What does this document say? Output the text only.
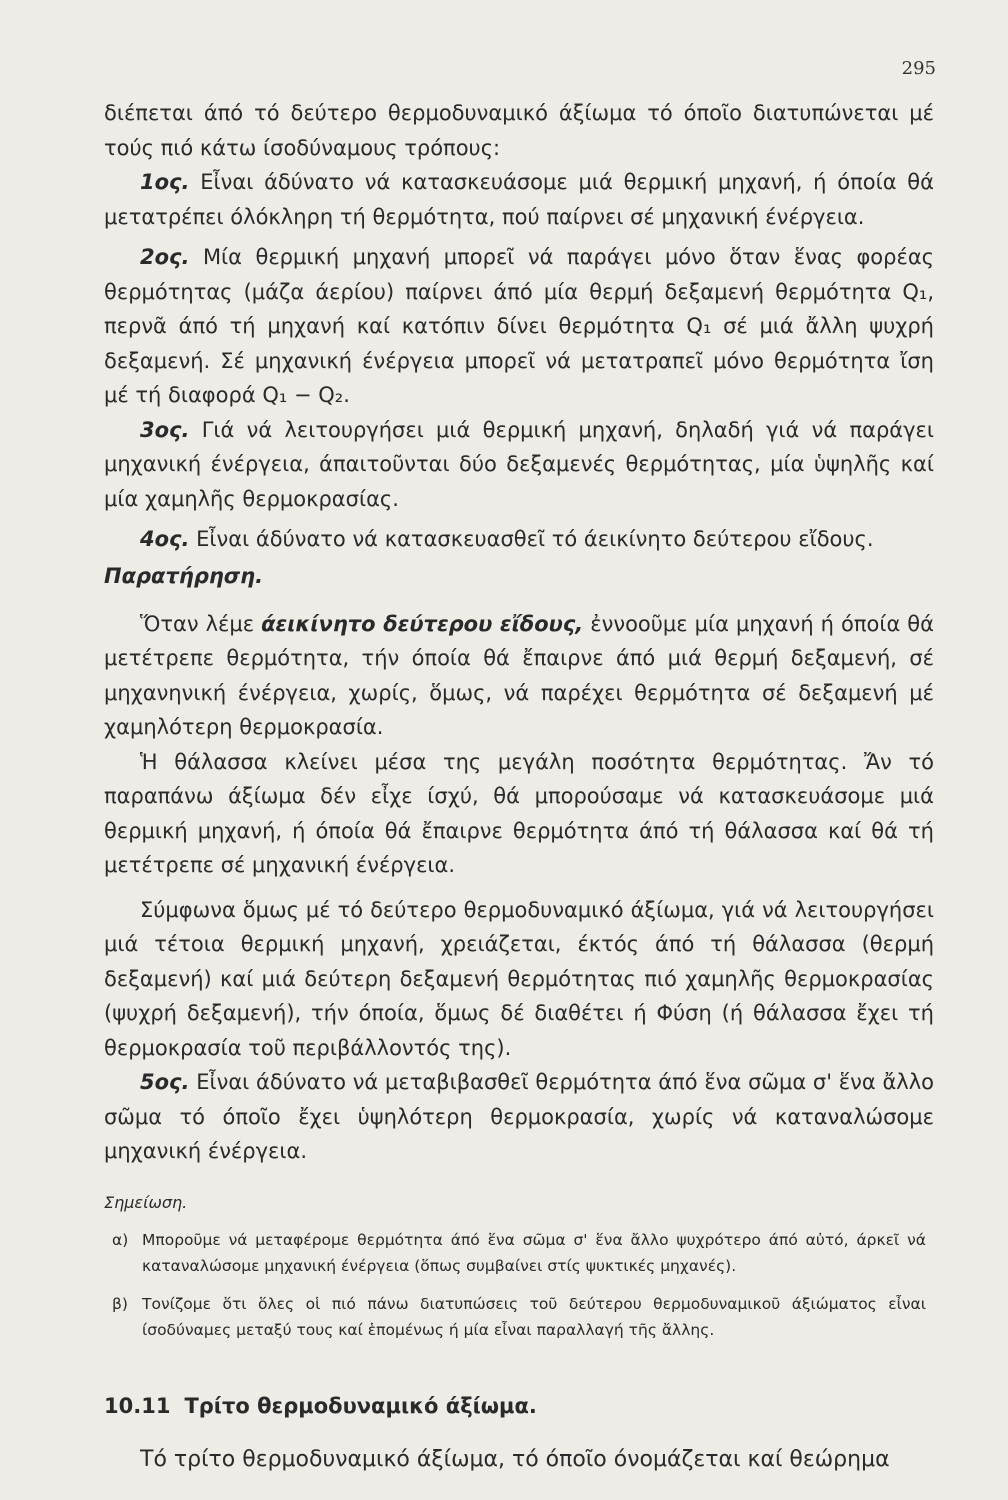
295

διέπεται άπό τό δεύτερο θερμοδυναμικό άξίωμα τό όποῖο διατυπώνεται μέ τούς πιό κάτω ίσοδύναμους τρόπους:

1ος. Εἶναι άδύνατο νά κατασκευάσομε μιά θερμική μηχανή, ή όποία θά μετατρέπει όλόκληρη τή θερμότητα, πού παίρνει σέ μηχανική ένέργεια.

2ος. Μία θερμική μηχανή μπορεῖ νά παράγει μόνο ὅταν ἕνας φορέας θερμότητας (μάζα άερίου) παίρνει άπό μία θερμή δεξαμενή θερμότητα Q₁, περνᾶ άπό τή μηχανή καί κατόπιν δίνει θερμότητα Q₁ σέ μιά ἄλλη ψυχρή δεξαμενή. Σέ μηχανική ένέργεια μπορεῖ νά μετατραπεῖ μόνο θερμότητα ἴση μέ τή διαφορά Q₁ − Q₂.

3ος. Γιά νά λειτουργήσει μιά θερμική μηχανή, δηλαδή γιά νά παράγει μηχανική ένέργεια, άπαιτοῦνται δύο δεξαμενές θερμότητας, μία ὑψηλῆς καί μία χαμηλῆς θερμοκρασίας.

4ος. Εἶναι άδύνατο νά κατασκευασθεῖ τό άεικίνητο δεύτερου εἴδους.

Παρατήρηση.

Ὅταν λέμε άεικίνητο δεύτερου εἴδους, ἐννοοῦμε μία μηχανή ή όποία θά μετέτρεπε θερμότητα, τήν όποία θά ἔπαιρνε άπό μιά θερμή δεξαμενή, σέ μηχανηνική ένέργεια, χωρίς, ὅμως, νά παρέχει θερμότητα σέ δεξαμενή μέ χαμηλότερη θερμοκρασία.

Ἡ θάλασσα κλείνει μέσα της μεγάλη ποσότητα θερμότητας. Ἄν τό παραπάνω άξίωμα δέν εἶχε ίσχύ, θά μπορούσαμε νά κατασκευάσομε μιά θερμική μηχανή, ή όποία θά ἔπαιρνε θερμότητα άπό τή θάλασσα καί θά τή μετέτρεπε σέ μηχανική ένέργεια.

Σύμφωνα ὅμως μέ τό δεύτερο θερμοδυναμικό άξίωμα, γιά νά λειτουργήσει μιά τέτοια θερμική μηχανή, χρειάζεται, έκτός άπό τή θάλασσα (θερμή δεξαμενή) καί μιά δεύτερη δεξαμενή θερμότητας πιό χαμηλῆς θερμοκρασίας (ψυχρή δεξαμενή), τήν όποία, ὅμως δέ διαθέτει ή Φύση (ή θάλασσα ἔχει τή θερμοκρασία τοῦ περιβάλλοντός της).

5ος. Εἶναι άδύνατο νά μεταβιβασθεῖ θερμότητα άπό ἕνα σῶμα σ' ἕνα ἄλλο σῶμα τό όποῖο ἔχει ὑψηλότερη θερμοκρασία, χωρίς νά καταναλώσομε μηχανική ένέργεια.

Σημείωση.
α) Μποροῦμε νά μεταφέρομε θερμότητα άπό ἕνα σῶμα σ' ἕνα ἄλλο ψυχρότερο άπό αὐτό, άρκεῖ νά καταναλώσομε μηχανική ένέργεια (ὅπως συμβαίνει στίς ψυκτικές μηχανές).
β) Τονίζομε ὅτι ὅλες οἱ πιό πάνω διατυπώσεις τοῦ δεύτερου θερμοδυναμικοῦ άξιώματος εἶναι ίσοδύναμες μεταξύ τους καί ἑπομένως ή μία εἶναι παραλλαγή τῆς ἄλλης.
10.11 Τρίτο θερμοδυναμικό άξίωμα.

Τό τρίτο θερμοδυναμικό άξίωμα, τό όποῖο όνομάζεται καί θεώρημα
